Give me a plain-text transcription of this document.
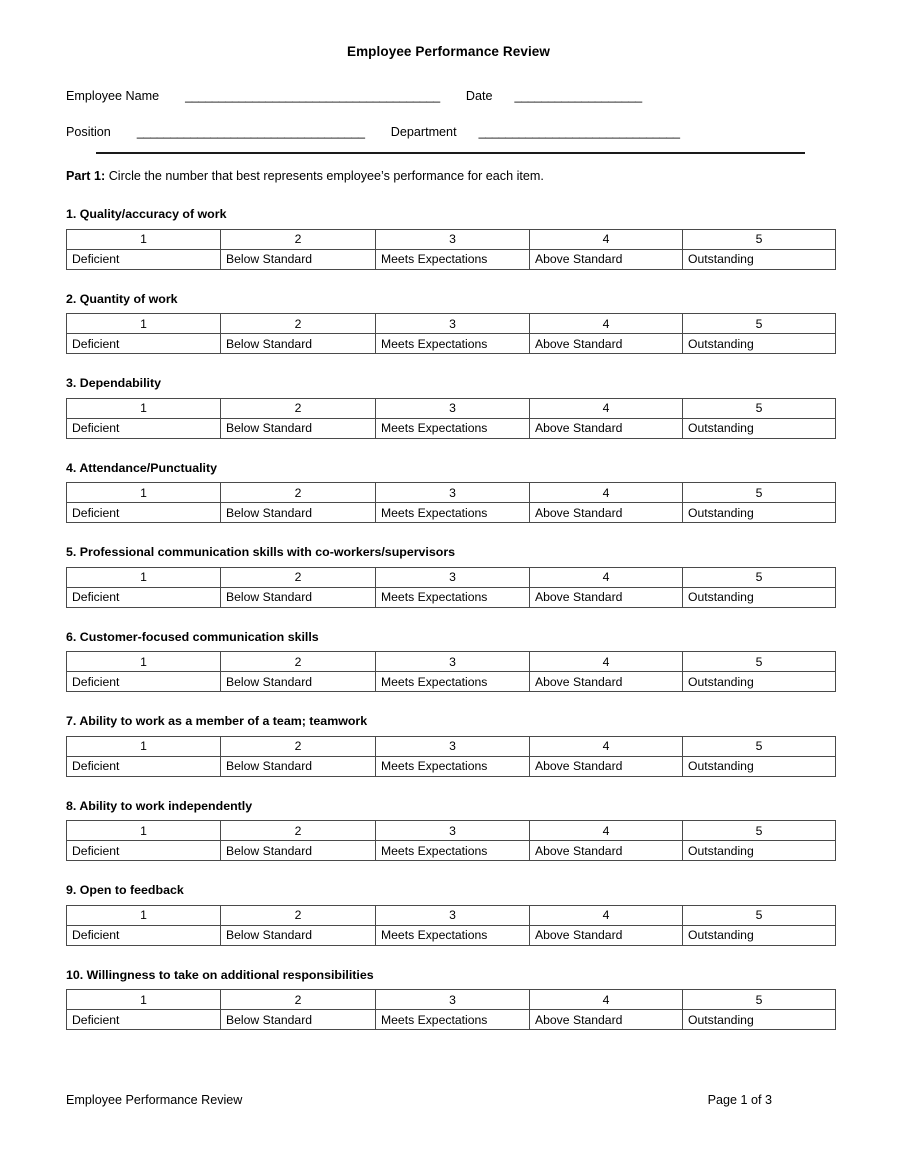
Employee Performance Review
Employee Name ______________________________________ Date ___________________
Position __________________________________ Department ______________________________
Part 1: Circle the number that best represents employee’s performance for each item.
1. Quality/accuracy of work
1	2	3	4	5
Deficient	Below Standard	Meets Expectations	Above Standard	Outstanding
2. Quantity of work
1	2	3	4	5
Deficient	Below Standard	Meets Expectations	Above Standard	Outstanding
3. Dependability
1	2	3	4	5
Deficient	Below Standard	Meets Expectations	Above Standard	Outstanding
4. Attendance/Punctuality
1	2	3	4	5
Deficient	Below Standard	Meets Expectations	Above Standard	Outstanding
5. Professional communication skills with co-workers/supervisors
1	2	3	4	5
Deficient	Below Standard	Meets Expectations	Above Standard	Outstanding
6. Customer-focused communication skills
1	2	3	4	5
Deficient	Below Standard	Meets Expectations	Above Standard	Outstanding
7. Ability to work as a member of a team; teamwork
1	2	3	4	5
Deficient	Below Standard	Meets Expectations	Above Standard	Outstanding
8. Ability to work independently
1	2	3	4	5
Deficient	Below Standard	Meets Expectations	Above Standard	Outstanding
9. Open to feedback
1	2	3	4	5
Deficient	Below Standard	Meets Expectations	Above Standard	Outstanding
10. Willingness to take on additional responsibilities
1	2	3	4	5
Deficient	Below Standard	Meets Expectations	Above Standard	Outstanding
Employee Performance Review	Page 1 of 3
